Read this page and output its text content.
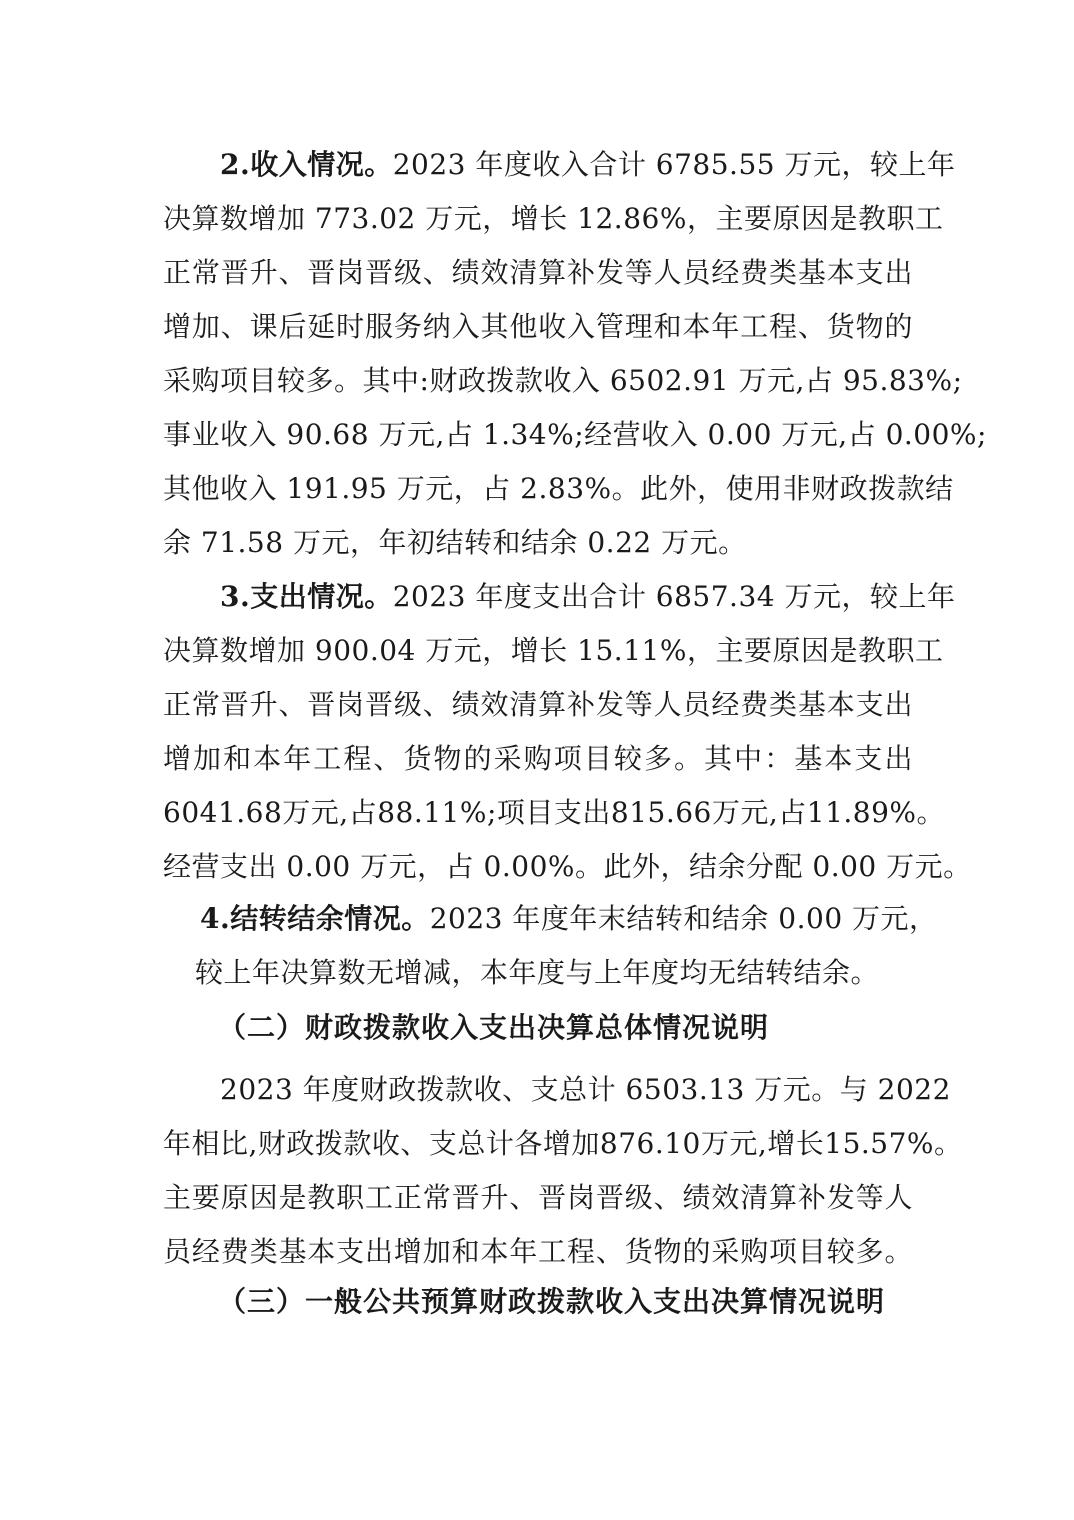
2.收入情况。2023 年度收入合计 6785.55 万元，较上年
决算数增加 773.02 万元，增长 12.86%，主要原因是教职工
正常晋升、晋岗晋级、绩效清算补发等人员经费类基本支出
增加、课后延时服务纳入其他收入管理和本年工程、货物的
采购项目较多。其中:财政拨款收入 6502.91 万元,占 95.83%;
事业收入 90.68 万元,占 1.34%;经营收入 0.00 万元,占 0.00%;
其他收入 191.95 万元，占 2.83%。此外，使用非财政拨款结
余 71.58 万元，年初结转和结余 0.22 万元。
3.支出情况。2023 年度支出合计 6857.34 万元，较上年
决算数增加 900.04 万元，增长 15.11%，主要原因是教职工
正常晋升、晋岗晋级、绩效清算补发等人员经费类基本支出
增加和本年工程、货物的采购项目较多。其中：基本支出
6041.68万元,占88.11%;项目支出815.66万元,占11.89%。
经营支出 0.00 万元，占 0.00%。此外，结余分配 0.00 万元。
4.结转结余情况。2023 年度年末结转和结余 0.00 万元，
较上年决算数无增减，本年度与上年度均无结转结余。
（二）财政拨款收入支出决算总体情况说明
2023 年度财政拨款收、支总计 6503.13 万元。与 2022
年相比,财政拨款收、支总计各增加876.10万元,增长15.57%。
主要原因是教职工正常晋升、晋岗晋级、绩效清算补发等人
员经费类基本支出增加和本年工程、货物的采购项目较多。
（三）一般公共预算财政拨款收入支出决算情况说明
